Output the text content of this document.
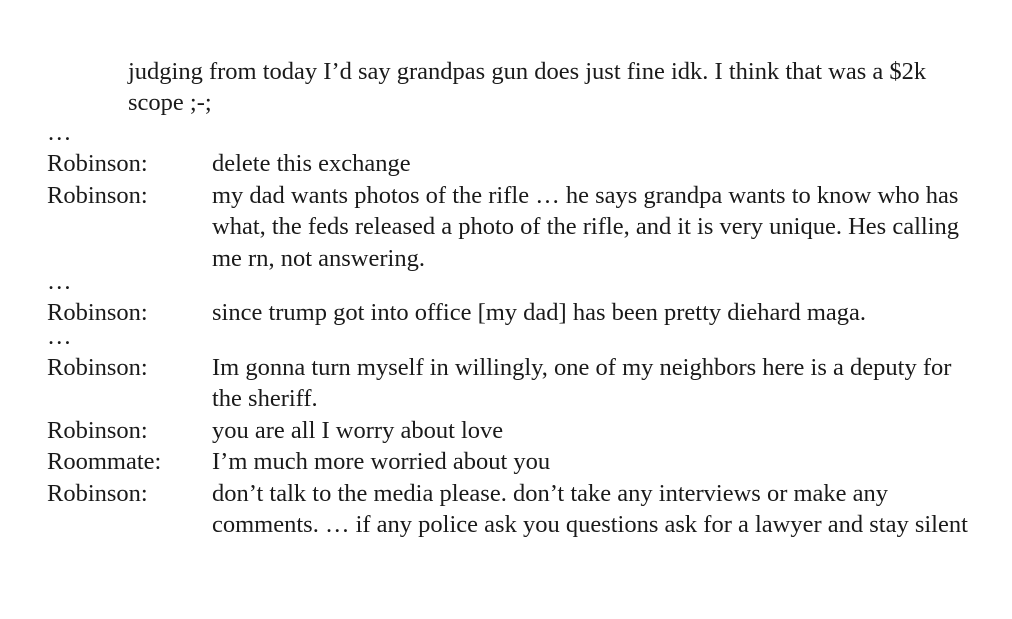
judging from today I’d say grandpas gun does just fine idk. I think that was a $2k scope ;-;
…
Robinson:	delete this exchange
Robinson:	my dad wants photos of the rifle … he says grandpa wants to know who has what, the feds released a photo of the rifle, and it is very unique. Hes calling me rn, not answering.
…
Robinson:	since trump got into office [my dad] has been pretty diehard maga.
…
Robinson:	Im gonna turn myself in willingly, one of my neighbors here is a deputy for the sheriff.
Robinson:	you are all I worry about love
Roommate:	I’m much more worried about you
Robinson:	don’t talk to the media please. don’t take any interviews or make any comments. … if any police ask you questions ask for a lawyer and stay silent
